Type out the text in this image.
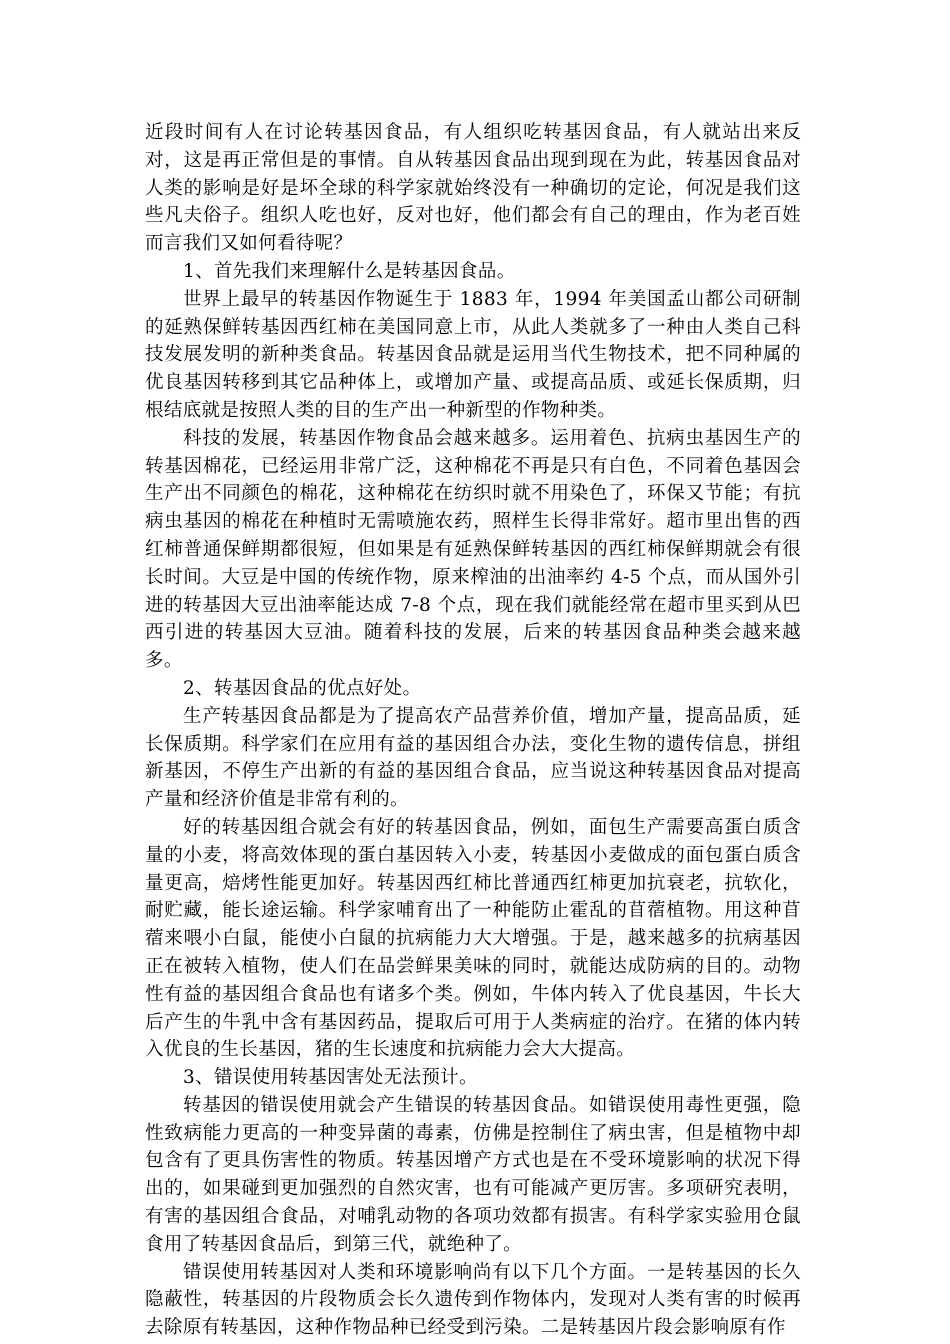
近段时间有人在讨论转基因食品，有人组织吃转基因食品，有人就站出来反对，这是再正常但是的事情。自从转基因食品出现到现在为此，转基因食品对人类的影响是好是坏全球的科学家就始终没有一种确切的定论，何况是我们这些凡夫俗子。组织人吃也好，反对也好，他们都会有自己的理由，作为老百姓而言我们又如何看待呢？

1、首先我们来理解什么是转基因食品。

世界上最早的转基因作物诞生于 1883 年，1994 年美国孟山都公司研制的延熟保鲜转基因西红柿在美国同意上市，从此人类就多了一种由人类自己科技发展发明的新种类食品。转基因食品就是运用当代生物技术，把不同种属的优良基因转移到其它品种体上，或增加产量、或提高品质、或延长保质期，归根结底就是按照人类的目的生产出一种新型的作物种类。

科技的发展，转基因作物食品会越来越多。运用着色、抗病虫基因生产的转基因棉花，已经运用非常广泛，这种棉花不再是只有白色，不同着色基因会生产出不同颜色的棉花，这种棉花在纺织时就不用染色了，环保又节能；有抗病虫基因的棉花在种植时无需喷施农药，照样生长得非常好。超市里出售的西红柿普通保鲜期都很短，但如果是有延熟保鲜转基因的西红柿保鲜期就会有很长时间。大豆是中国的传统作物，原来榨油的出油率约 4-5 个点，而从国外引进的转基因大豆出油率能达成 7-8 个点，现在我们就能经常在超市里买到从巴西引进的转基因大豆油。随着科技的发展，后来的转基因食品种类会越来越多。

2、转基因食品的优点好处。

生产转基因食品都是为了提高农产品营养价值，增加产量，提高品质，延长保质期。科学家们在应用有益的基因组合办法，变化生物的遗传信息，拼组新基因，不停生产出新的有益的基因组合食品，应当说这种转基因食品对提高产量和经济价值是非常有利的。

好的转基因组合就会有好的转基因食品，例如，面包生产需要高蛋白质含量的小麦，将高效体现的蛋白基因转入小麦，转基因小麦做成的面包蛋白质含量更高，焙烤性能更加好。转基因西红柿比普通西红柿更加抗衰老，抗软化，耐贮藏，能长途运输。科学家哺育出了一种能防止霍乱的苜蓿植物。用这种苜蓿来喂小白鼠，能使小白鼠的抗病能力大大增强。于是，越来越多的抗病基因正在被转入植物，使人们在品尝鲜果美味的同时，就能达成防病的目的。动物性有益的基因组合食品也有诸多个类。例如，牛体内转入了优良基因，牛长大后产生的牛乳中含有基因药品，提取后可用于人类病症的治疗。在猪的体内转入优良的生长基因，猪的生长速度和抗病能力会大大提高。

3、错误使用转基因害处无法预计。

转基因的错误使用就会产生错误的转基因食品。如错误使用毒性更强，隐性致病能力更高的一种变异菌的毒素，仿佛是控制住了病虫害，但是植物中却包含有了更具伤害性的物质。转基因增产方式也是在不受环境影响的状况下得出的，如果碰到更加强烈的自然灾害，也有可能减产更厉害。多项研究表明，有害的基因组合食品，对哺乳动物的各项功效都有损害。有科学家实验用仓鼠食用了转基因食品后，到第三代，就绝种了。

错误使用转基因对人类和环境影响尚有以下几个方面。一是转基因的长久隐蔽性，转基因的片段物质会长久遗传到作物体内，发现对人类有害的时候再去除原有转基因，这种作物品种已经受到污染。二是转基因片段会影响原有作
